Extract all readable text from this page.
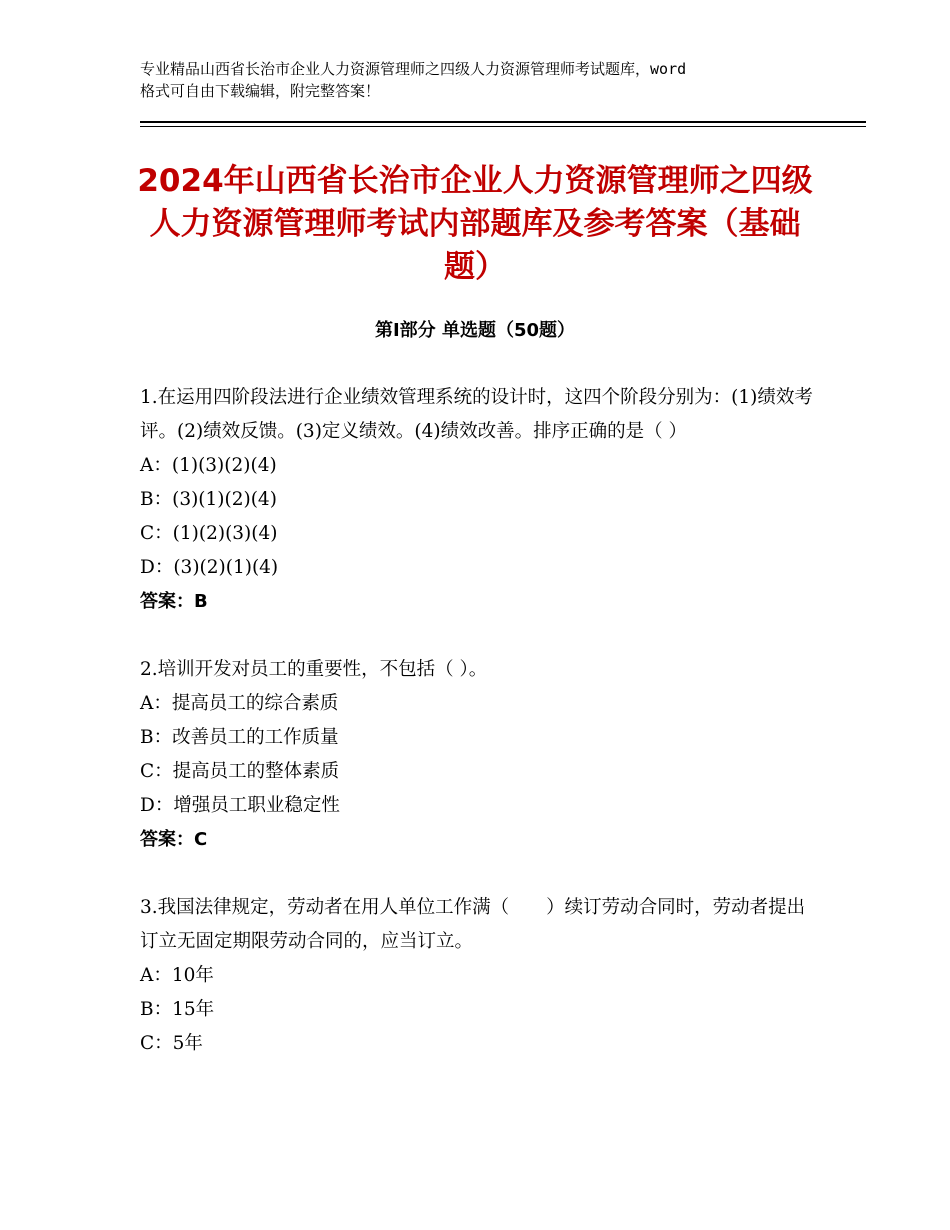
专业精品山西省长治市企业人力资源管理师之四级人力资源管理师考试题库，word
格式可自由下载编辑，附完整答案！
2024年山西省长治市企业人力资源管理师之四级人力资源管理师考试内部题库及参考答案（基础题）
第Ⅰ部分 单选题（50题）
1.在运用四阶段法进行企业绩效管理系统的设计时，这四个阶段分别为：(1)绩效考评。(2)绩效反馈。(3)定义绩效。(4)绩效改善。排序正确的是（ ）
A：(1)(3)(2)(4)
B：(3)(1)(2)(4)
C：(1)(2)(3)(4)
D：(3)(2)(1)(4)
答案：B
2.培训开发对员工的重要性，不包括（ ）。
A：提高员工的综合素质
B：改善员工的工作质量
C：提高员工的整体素质
D：增强员工职业稳定性
答案：C
3.我国法律规定，劳动者在用人单位工作满（　　）续订劳动合同时，劳动者提出订立无固定期限劳动合同的，应当订立。
A：10年
B：15年
C：5年
